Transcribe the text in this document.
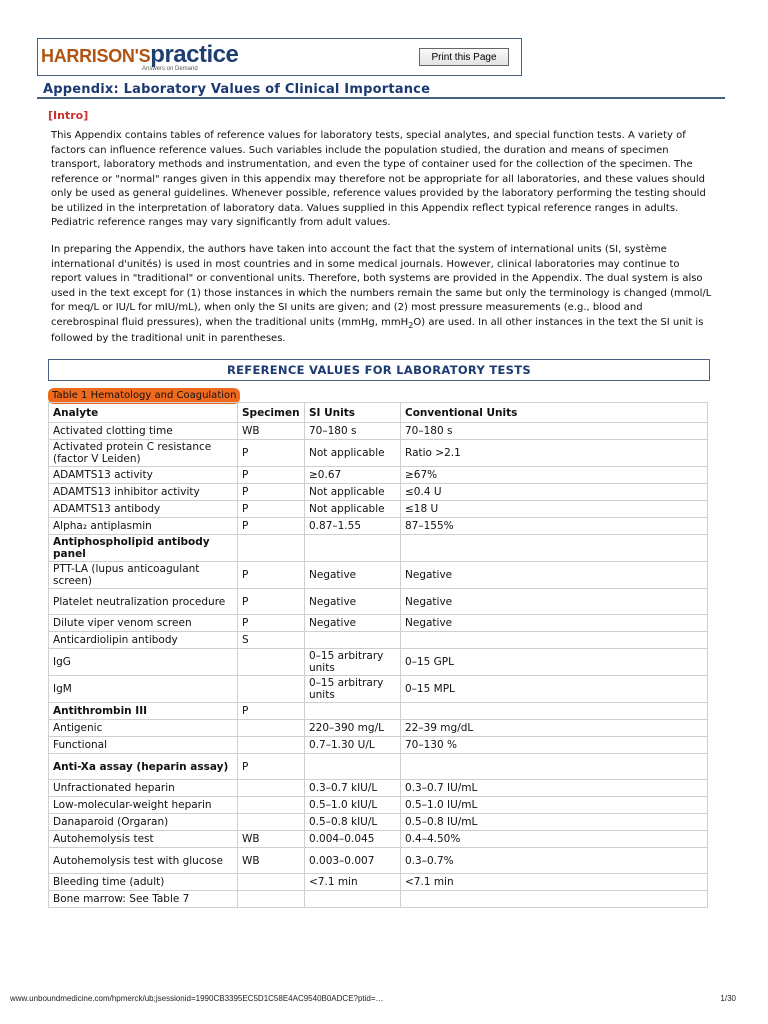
HARRISON'Spractice
Answers on Demand
Print this Page
Appendix: Laboratory Values of Clinical Importance
[Intro]
This Appendix contains tables of reference values for laboratory tests, special analytes, and special function tests. A variety of factors can influence reference values. Such variables include the population studied, the duration and means of specimen transport, laboratory methods and instrumentation, and even the type of container used for the collection of the specimen. The reference or "normal" ranges given in this appendix may therefore not be appropriate for all laboratories, and these values should only be used as general guidelines. Whenever possible, reference values provided by the laboratory performing the testing should be utilized in the interpretation of laboratory data. Values supplied in this Appendix reflect typical reference ranges in adults. Pediatric reference ranges may vary significantly from adult values.
In preparing the Appendix, the authors have taken into account the fact that the system of international units (SI, système international d'unités) is used in most countries and in some medical journals. However, clinical laboratories may continue to report values in "traditional" or conventional units. Therefore, both systems are provided in the Appendix. The dual system is also used in the text except for (1) those instances in which the numbers remain the same but only the terminology is changed (mmol/L for meq/L or IU/L for mIU/mL), when only the SI units are given; and (2) most pressure measurements (e.g., blood and cerebrospinal fluid pressures), when the traditional units (mmHg, mmH$_2$O) are used. In all other instances in the text the SI unit is followed by the traditional unit in parentheses.
REFERENCE VALUES FOR LABORATORY TESTS
Table 1 Hematology and Coagulation
Analyte	Specimen	SI Units	Conventional Units
Activated clotting time	WB	70–180 s	70–180 s
Activated protein C resistance (factor V Leiden)	P	Not applicable	Ratio >2.1
ADAMTS13 activity	P	≥0.67	≥67%
ADAMTS13 inhibitor activity	P	Not applicable	≤0.4 U
ADAMTS13 antibody	P	Not applicable	≤18 U
Alpha₂ antiplasmin	P	0.87–1.55	87–155%
Antiphospholipid antibody panel			
PTT-LA (lupus anticoagulant screen)	P	Negative	Negative
Platelet neutralization procedure	P	Negative	Negative
Dilute viper venom screen	P	Negative	Negative
Anticardiolipin antibody	S		
IgG		0–15 arbitrary units	0–15 GPL
IgM		0–15 arbitrary units	0–15 MPL
Antithrombin III	P		
Antigenic		220–390 mg/L	22–39 mg/dL
Functional		0.7–1.30 U/L	70–130 %
Anti-Xa assay (heparin assay)	P		
Unfractionated heparin		0.3–0.7 kIU/L	0.3–0.7 IU/mL
Low-molecular-weight heparin		0.5–1.0 kIU/L	0.5–1.0 IU/mL
Danaparoid (Orgaran)		0.5–0.8 kIU/L	0.5–0.8 IU/mL
Autohemolysis test	WB	0.004–0.045	0.4–4.50%
Autohemolysis test with glucose	WB	0.003–0.007	0.3–0.7%
Bleeding time (adult)		<7.1 min	<7.1 min
Bone marrow: See Table 7			
www.unboundmedicine.com/hpmerck/ub;jsessionid=1990CB3395EC5D1C58E4AC9540B0ADCE?ptid=…	1/30
